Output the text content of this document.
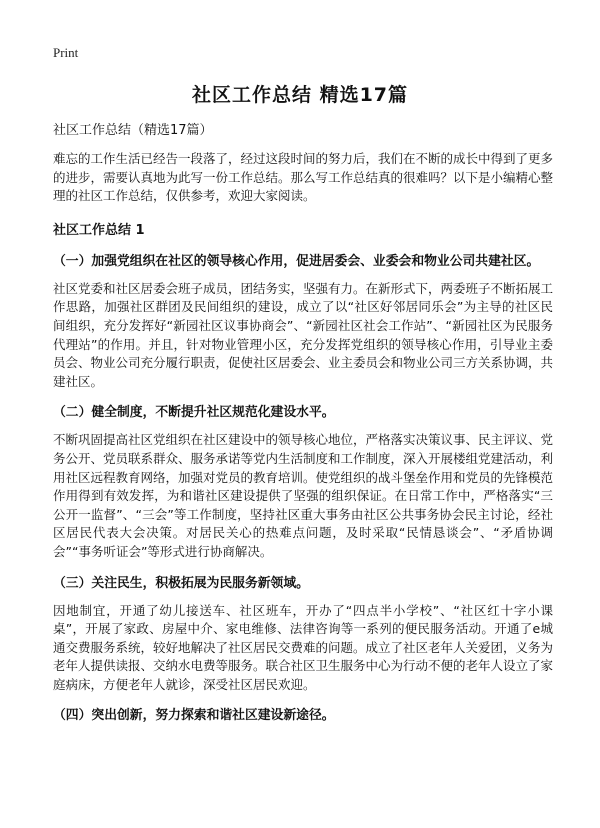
Print
社区工作总结 精选17篇

社区工作总结（精选17篇）

难忘的工作生活已经告一段落了，经过这段时间的努力后，我们在不断的成长中得到了更多的进步，需要认真地为此写一份工作总结。那么写工作总结真的很难吗？以下是小编精心整理的社区工作总结，仅供参考，欢迎大家阅读。

社区工作总结 1

（一）加强党组织在社区的领导核心作用，促进居委会、业委会和物业公司共建社区。

社区党委和社区居委会班子成员，团结务实，坚强有力。在新形式下，两委班子不断拓展工作思路，加强社区群团及民间组织的建设，成立了以“社区好邻居同乐会”为主导的社区民间组织，充分发挥好“新园社区议事协商会”、“新园社区社会工作站”、“新园社区为民服务代理站”的作用。并且，针对物业管理小区，充分发挥党组织的领导核心作用，引导业主委员会、物业公司充分履行职责，促使社区居委会、业主委员会和物业公司三方关系协调，共建社区。

（二）健全制度，不断提升社区规范化建设水平。

不断巩固提高社区党组织在社区建设中的领导核心地位，严格落实决策议事、民主评议、党务公开、党员联系群众、服务承诺等党内生活制度和工作制度，深入开展楼组党建活动，利用社区远程教育网络，加强对党员的教育培训。使党组织的战斗堡垒作用和党员的先锋模范作用得到有效发挥，为和谐社区建设提供了坚强的组织保证。在日常工作中，严格落实“三公开一监督”、“三会”等工作制度，坚持社区重大事务由社区公共事务协会民主讨论，经社区居民代表大会决策。对居民关心的热难点问题，及时采取“民情恳谈会”、“矛盾协调会”“事务听证会”等形式进行协商解决。

（三）关注民生，积极拓展为民服务新领域。

因地制宜，开通了幼儿接送车、社区班车，开办了“四点半小学校”、“社区红十字小课桌”，开展了家政、房屋中介、家电维修、法律咨询等一系列的便民服务活动。开通了e城通交费服务系统，较好地解决了社区居民交费难的问题。成立了社区老年人关爱团，义务为老年人提供读报、交纳水电费等服务。联合社区卫生服务中心为行动不便的老年人设立了家庭病床，方便老年人就诊，深受社区居民欢迎。

（四）突出创新，努力探索和谐社区建设新途径。
